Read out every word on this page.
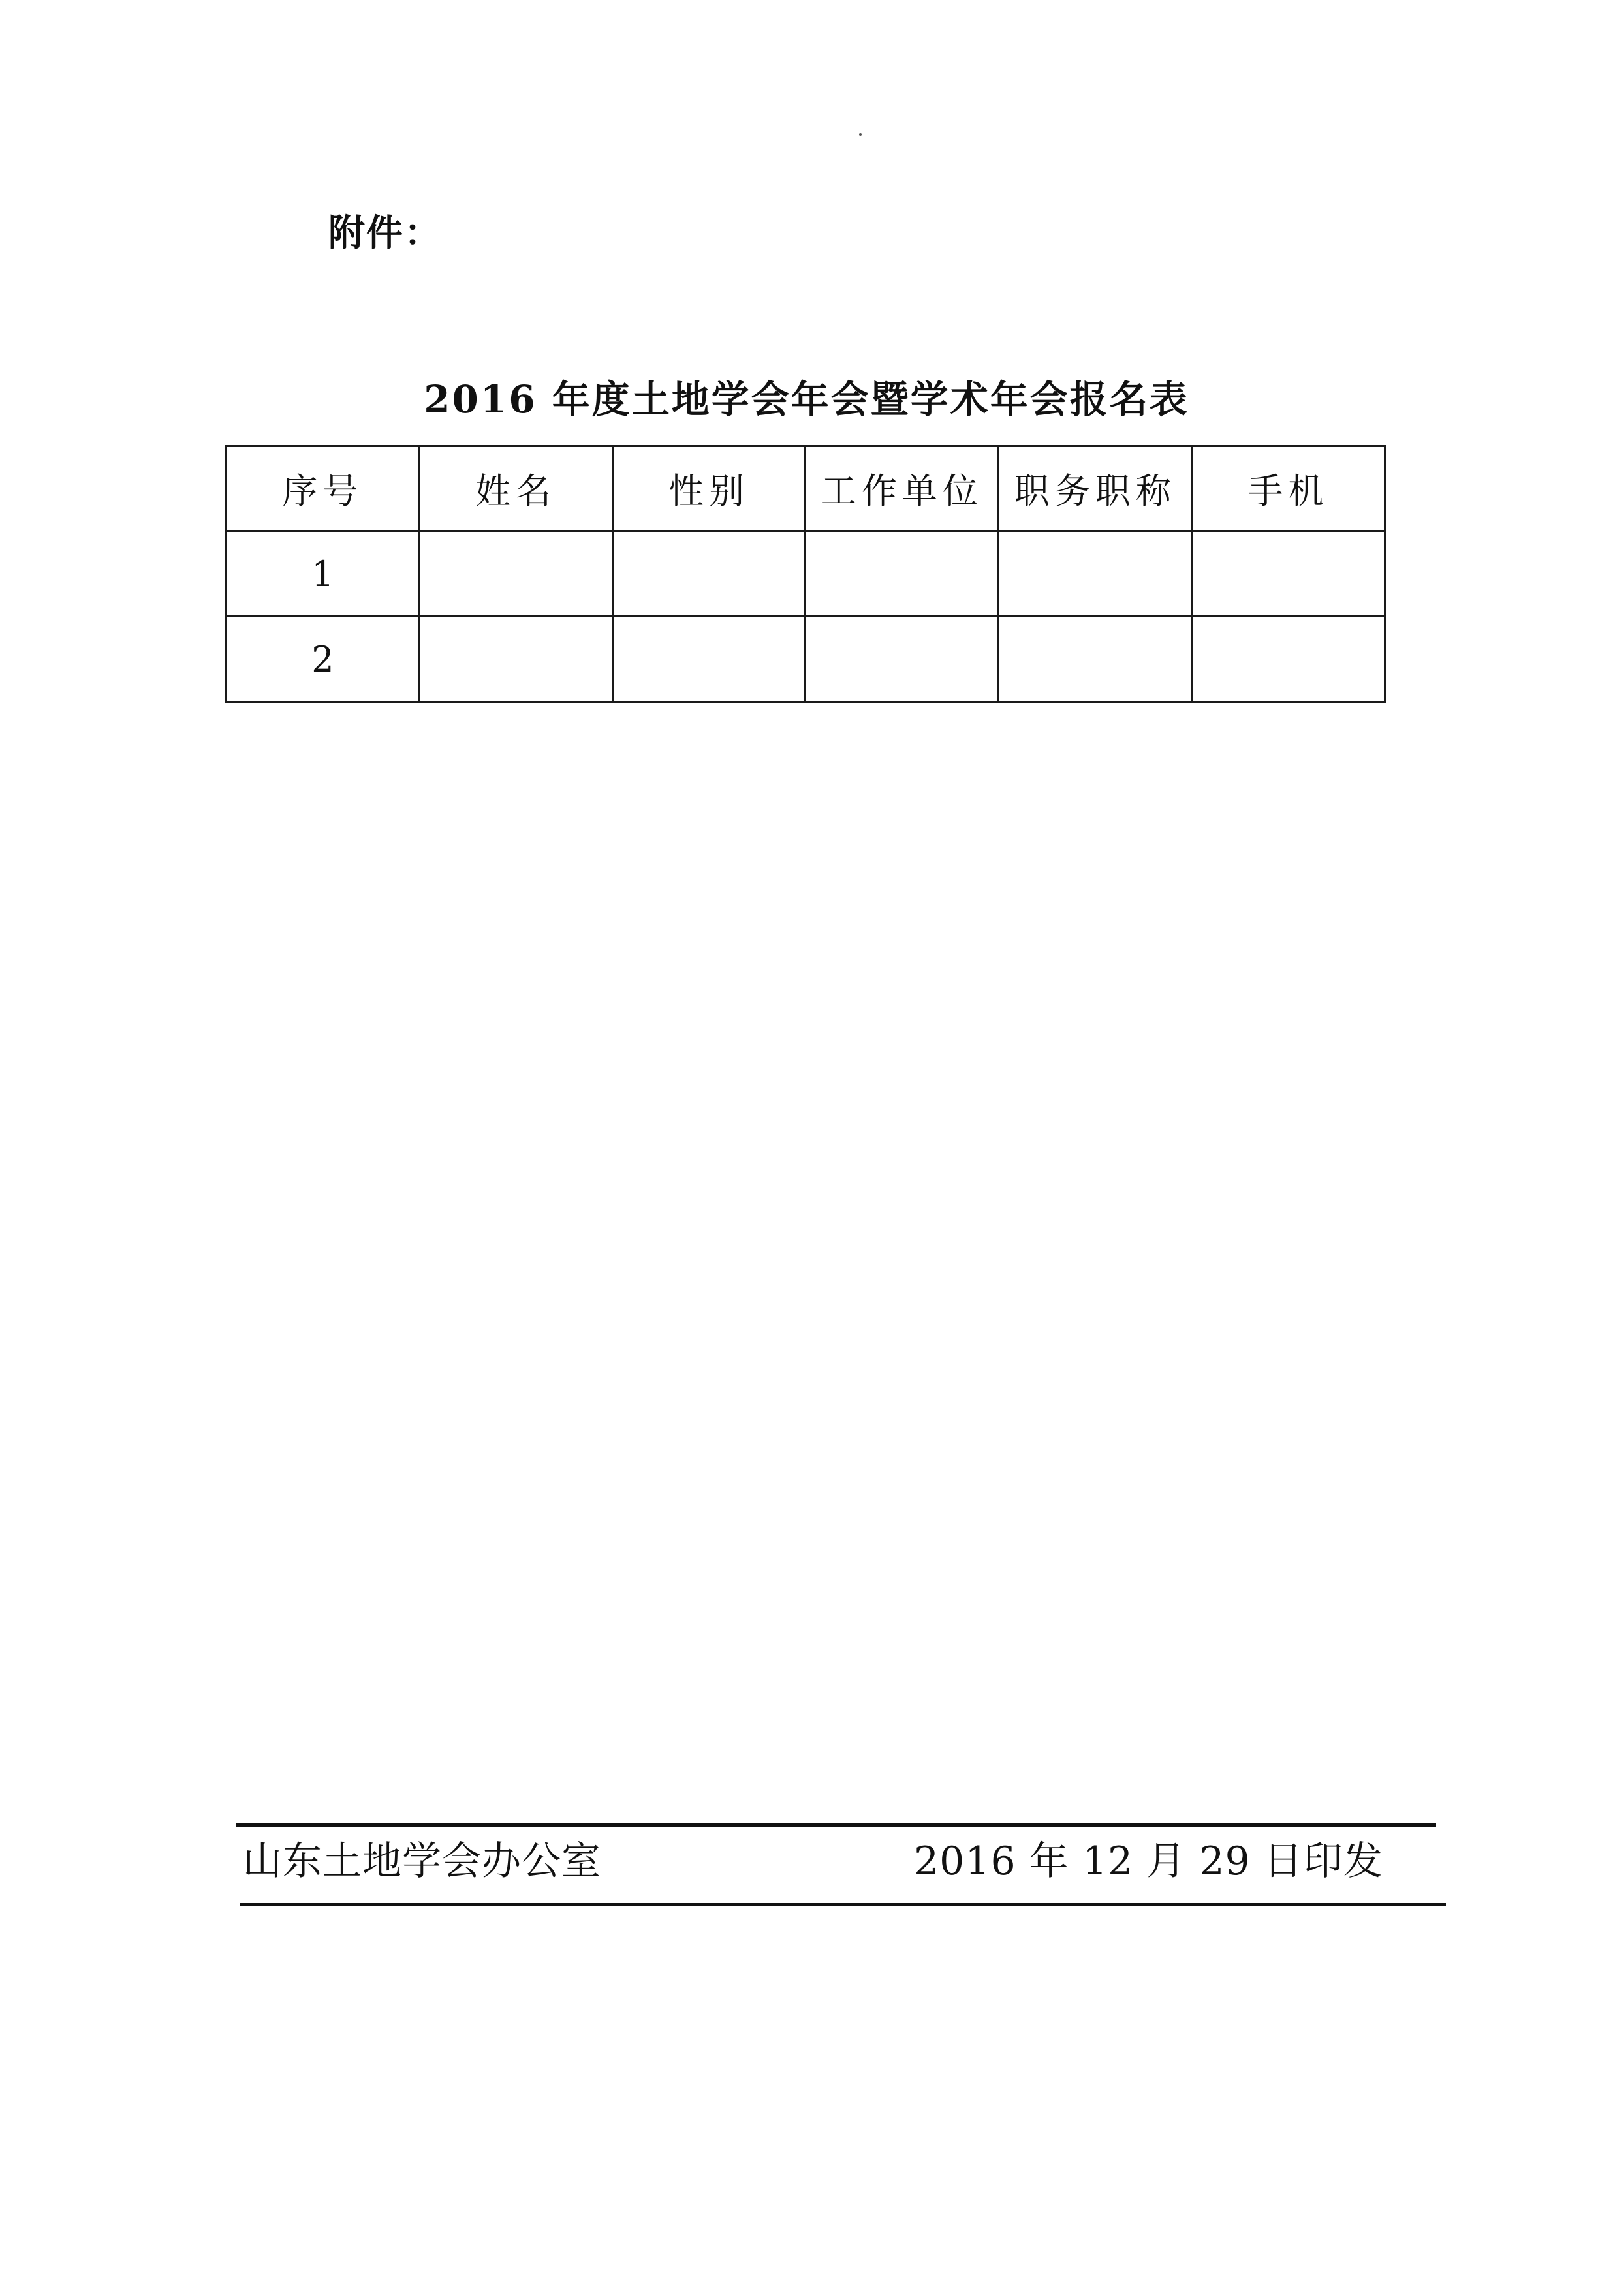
附件：
2016 年度土地学会年会暨学术年会报名表
序号	姓名	性别	工作单位	职务职称	手机
1					
2					
山东土地学会办公室	2016 年 12 月 29 日印发
